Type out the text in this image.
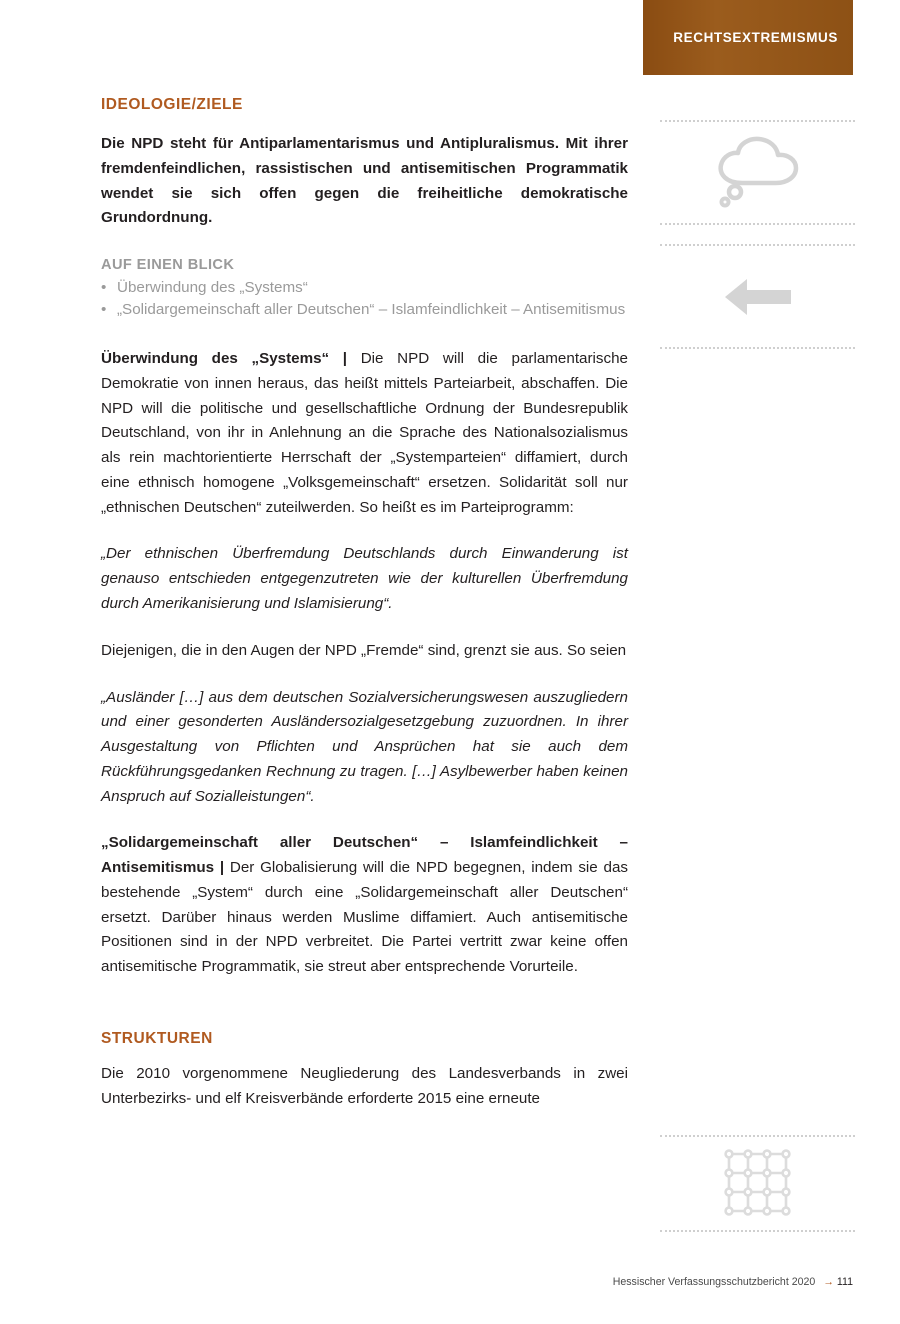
RECHTSEXTREMISMUS
IDEOLOGIE/ZIELE

Die NPD steht für Antiparlamentarismus und Antipluralismus. Mit ihrer fremdenfeindlichen, rassistischen und antisemitischen Programmatik wendet sie sich offen gegen die freiheitliche demokratische Grundordnung.

AUF EINEN BLICK
• Überwindung des „Systems“
• „Solidargemeinschaft aller Deutschen“ – Islamfeindlichkeit – Antisemitismus

Überwindung des „Systems“ | Die NPD will die parlamentarische Demokratie von innen heraus, das heißt mittels Parteiarbeit, abschaffen. Die NPD will die politische und gesellschaftliche Ordnung der Bundesrepublik Deutschland, von ihr in Anlehnung an die Sprache des Nationalsozialismus als rein machtorientierte Herrschaft der „Systemparteien“ diffamiert, durch eine ethnisch homogene „Volksgemeinschaft“ ersetzen. Solidarität soll nur „ethnischen Deutschen“ zuteilwerden. So heißt es im Parteiprogramm:

„Der ethnischen Überfremdung Deutschlands durch Einwanderung ist genauso entschieden entgegenzutreten wie der kulturellen Überfremdung durch Amerikanisierung und Islamisierung“.

Diejenigen, die in den Augen der NPD „Fremde“ sind, grenzt sie aus. So seien

„Ausländer […] aus dem deutschen Sozialversicherungswesen auszugliedern und einer gesonderten Ausländersozialgesetzgebung zuzuordnen. In ihrer Ausgestaltung von Pflichten und Ansprüchen hat sie auch dem Rückführungsgedanken Rechnung zu tragen. […] Asylbewerber haben keinen Anspruch auf Sozialleistungen“.

„Solidargemeinschaft aller Deutschen“ – Islamfeindlichkeit – Antisemitismus | Der Globalisierung will die NPD begegnen, indem sie das bestehende „System“ durch eine „Solidargemeinschaft aller Deutschen“ ersetzt. Darüber hinaus werden Muslime diffamiert. Auch antisemitische Positionen sind in der NPD verbreitet. Die Partei vertritt zwar keine offen antisemitische Programmatik, sie streut aber entsprechende Vorurteile.

STRUKTUREN

Die 2010 vorgenommene Neugliederung des Landesverbands in zwei Unterbezirks- und elf Kreisverbände erforderte 2015 eine erneute

Hessischer Verfassungsschutzbericht 2020 → 111
